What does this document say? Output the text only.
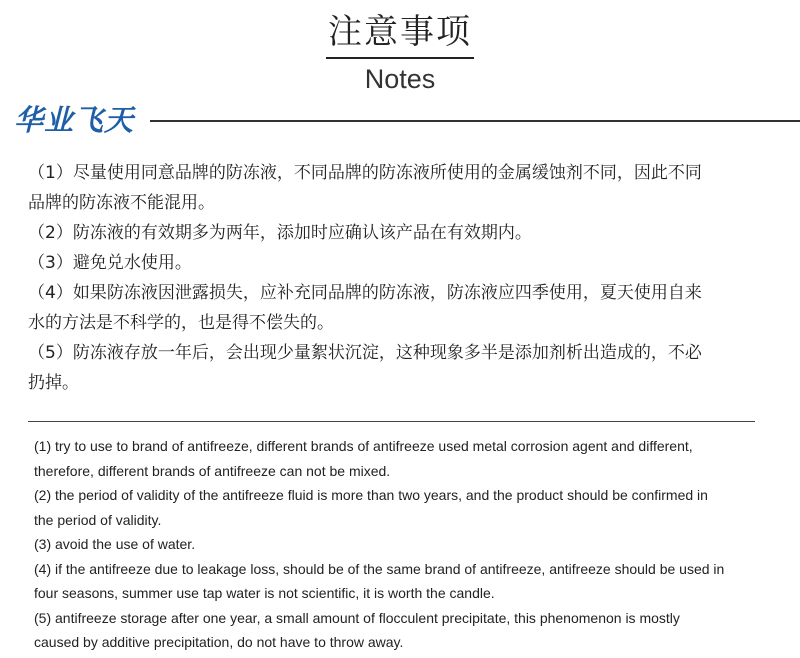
注意事项
Notes
华业飞天
（1）尽量使用同意品牌的防冻液，不同品牌的防冻液所使用的金属缓蚀剂不同，因此不同
品牌的防冻液不能混用。
（2）防冻液的有效期多为两年，添加时应确认该产品在有效期内。
（3）避免兑水使用。
（4）如果防冻液因泄露损失，应补充同品牌的防冻液，防冻液应四季使用，夏天使用自来
水的方法是不科学的，也是得不偿失的。
（5）防冻液存放一年后，会出现少量絮状沉淀，这种现象多半是添加剂析出造成的，不必
扔掉。
(1) try to use to brand of antifreeze, different brands of antifreeze used metal corrosion agent and different,
therefore, different brands of antifreeze can not be mixed.
(2) the period of validity of the antifreeze fluid is more than two years, and the product should be confirmed in
the period of validity.
(3) avoid the use of water.
(4) if the antifreeze due to leakage loss, should be of the same brand of antifreeze, antifreeze should be used in
four seasons, summer use tap water is not scientific, it is worth the candle.
(5) antifreeze storage after one year, a small amount of flocculent precipitate, this phenomenon is mostly
caused by additive precipitation, do not have to throw away.
